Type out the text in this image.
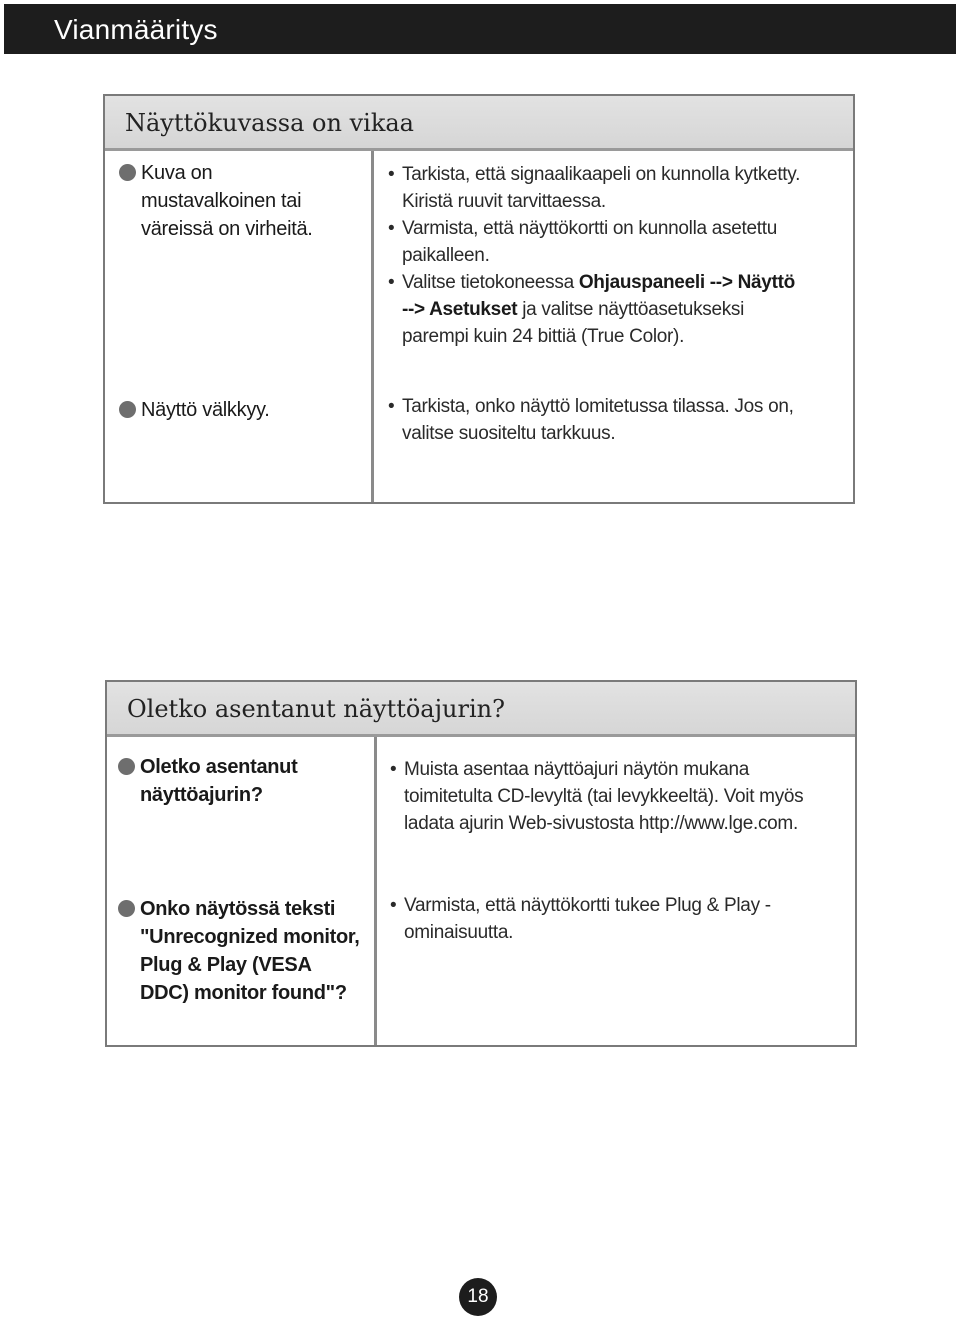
Vianmääritys
Näyttökuvassa on vikaa
Kuva on
mustavalkoinen tai
väreissä on virheitä.
• Tarkista, että signaalikaapeli on kunnolla kytketty.
Kiristä ruuvit tarvittaessa.
• Varmista, että näyttökortti on kunnolla asetettu
paikalleen.
• Valitse tietokoneessa Ohjauspaneeli --> Näyttö
--> Asetukset ja valitse näyttöasetukseksi
parempi kuin 24 bittiä (True Color).
Näyttö välkkyy.	• Tarkista, onko näyttö lomitetussa tilassa. Jos on,
valitse suositeltu tarkkuus.
Oletko asentanut näyttöajurin?
Oletko asentanut
näyttöajurin?
• Muista asentaa näyttöajuri näytön mukana
toimitetulta CD-levyltä (tai levykkeeltä). Voit myös
ladata ajurin Web-sivustosta http://www.lge.com.
Onko näytössä teksti
"Unrecognized monitor,
Plug & Play (VESA
DDC) monitor found"?
• Varmista, että näyttökortti tukee Plug & Play -
ominaisuutta.
18
